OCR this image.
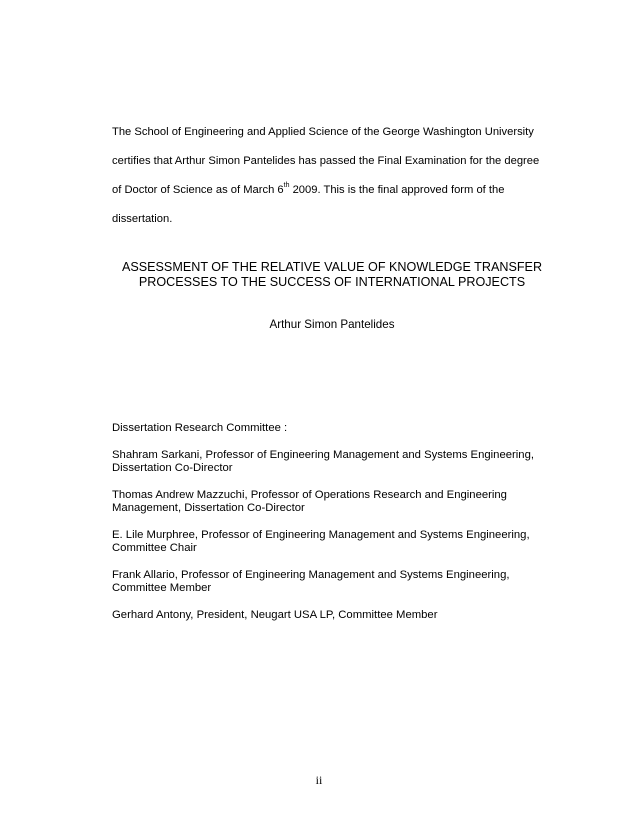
The School of Engineering and Applied Science of the George Washington University
certifies that Arthur Simon Pantelides has passed the Final Examination for the degree
of Doctor of Science as of March 6th 2009. This is the final approved form of the
dissertation.
ASSESSMENT OF THE RELATIVE VALUE OF KNOWLEDGE TRANSFER
PROCESSES TO THE SUCCESS OF INTERNATIONAL PROJECTS
Arthur Simon Pantelides
Dissertation Research Committee :
Shahram Sarkani, Professor of Engineering Management and Systems Engineering,
Dissertation Co-Director
Thomas Andrew Mazzuchi, Professor of Operations Research and Engineering
Management, Dissertation Co-Director
E. Lile Murphree, Professor of Engineering Management and Systems Engineering,
Committee Chair
Frank Allario, Professor of Engineering Management and Systems Engineering,
Committee Member
Gerhard Antony, President, Neugart USA LP, Committee Member
ii
